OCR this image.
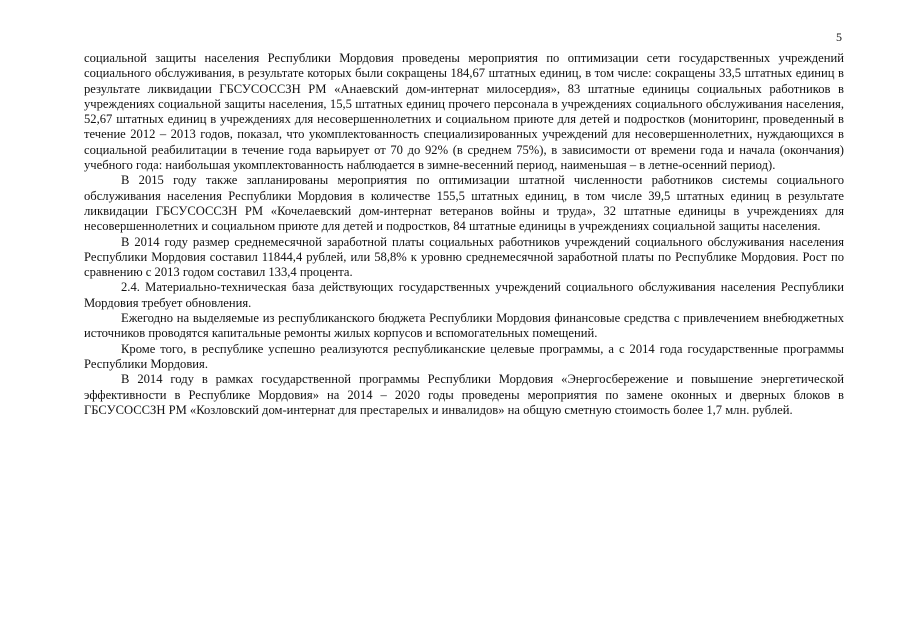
5

социальной защиты населения Республики Мордовия проведены мероприятия по оптимизации сети государственных учреждений социального обслуживания, в результате которых были сокращены 184,67 штатных единиц, в том числе: сокращены 33,5 штатных единиц в результате ликвидации ГБСУСОССЗН РМ «Анаевский дом-интернат милосердия», 83 штатные единицы социальных работников в учреждениях социальной защиты населения, 15,5 штатных единиц прочего персонала в учреждениях социального обслуживания населения, 52,67 штатных единиц в учреждениях для несовершеннолетних и социальном приюте для детей и подростков (мониторинг, проведенный в течение 2012 – 2013 годов, показал, что укомплектованность специализированных учреждений для несовершеннолетних, нуждающихся в социальной реабилитации в течение года варьирует от 70 до 92% (в среднем 75%), в зависимости от времени года и начала (окончания) учебного года: наибольшая укомплектованность наблюдается в зимне-весенний период, наименьшая – в летне-осенний период).

В 2015 году также запланированы мероприятия по оптимизации штатной численности работников системы социального обслуживания населения Республики Мордовия в количестве 155,5 штатных единиц, в том числе 39,5 штатных единиц в результате ликвидации ГБСУСОССЗН РМ «Кочелаевский дом-интернат ветеранов войны и труда», 32 штатные единицы в учреждениях для несовершеннолетних и социальном приюте для детей и подростков, 84 штатные единицы в учреждениях социальной защиты населения.

В 2014 году размер среднемесячной заработной платы социальных работников учреждений социального обслуживания населения Республики Мордовия составил 11844,4 рублей, или 58,8% к уровню среднемесячной заработной платы по Республике Мордовия. Рост по сравнению с 2013 годом составил 133,4 процента.

2.4. Материально-техническая база действующих государственных учреждений социального обслуживания населения Республики Мордовия требует обновления.

Ежегодно на выделяемые из республиканского бюджета Республики Мордовия финансовые средства с привлечением внебюджетных источников проводятся капитальные ремонты жилых корпусов и вспомогательных помещений.

Кроме того, в республике успешно реализуются республиканские целевые программы, а с 2014 года государственные программы Республики Мордовия.

В 2014 году в рамках государственной программы Республики Мордовия «Энергосбережение и повышение энергетической эффективности в Республике Мордовия» на 2014 – 2020 годы проведены мероприятия по замене оконных и дверных блоков в ГБСУСОССЗН РМ «Козловский дом-интернат для престарелых и инвалидов» на общую сметную стоимость более 1,7 млн. рублей.
